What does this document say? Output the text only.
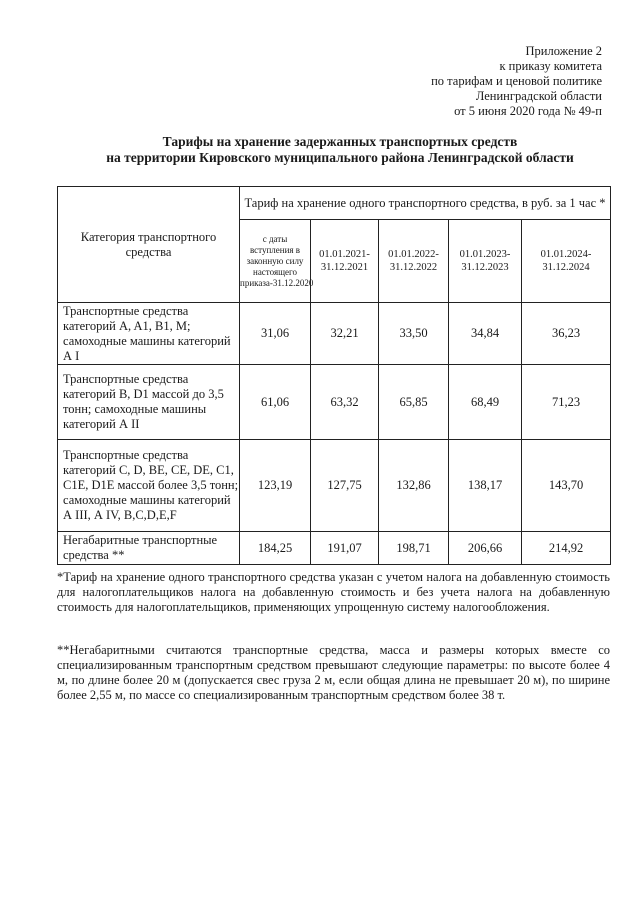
Приложение 2
к приказу комитета
по тарифам и ценовой политике
Ленинградской области
от 5 июня 2020 года № 49-п
Тарифы на хранение задержанных транспортных средств
на территории Кировского муниципального района Ленинградской области
Категория транспортного средства	Тариф на хранение одного транспортного средства, в руб. за 1 час *				
	с даты вступления в законную силу настоящего приказа-31.12.2020	01.01.2021-31.12.2021	01.01.2022-31.12.2022	01.01.2023-31.12.2023	01.01.2024-31.12.2024
Транспортные средства категорий A, A1, B1, M; самоходные машины категорий А I	31,06	32,21	33,50	34,84	36,23
Транспортные средства категорий B, D1 массой до 3,5 тонн; самоходные машины категорий А II	61,06	63,32	65,85	68,49	71,23
Транспортные средства категорий C, D, BE, CE, DE, C1, C1E, D1E массой более 3,5 тонн; самоходные машины категорий А III, А IV, B,C,D,E,F	123,19	127,75	132,86	138,17	143,70
Негабаритные транспортные средства **	184,25	191,07	198,71	206,66	214,92
*Тариф на хранение одного транспортного средства указан с учетом налога на добавленную стоимость для налогоплательщиков налога на добавленную стоимость и без учета налога на добавленную стоимость для налогоплательщиков, применяющих упрощенную систему налогообложения.
**Негабаритными считаются транспортные средства, масса и размеры которых вместе со специализированным транспортным средством превышают следующие параметры: по высоте более 4 м, по длине более 20 м (допускается свес груза 2 м, если общая длина не превышает 20 м), по ширине более 2,55 м, по массе со специализированным транспортным средством более 38 т.
